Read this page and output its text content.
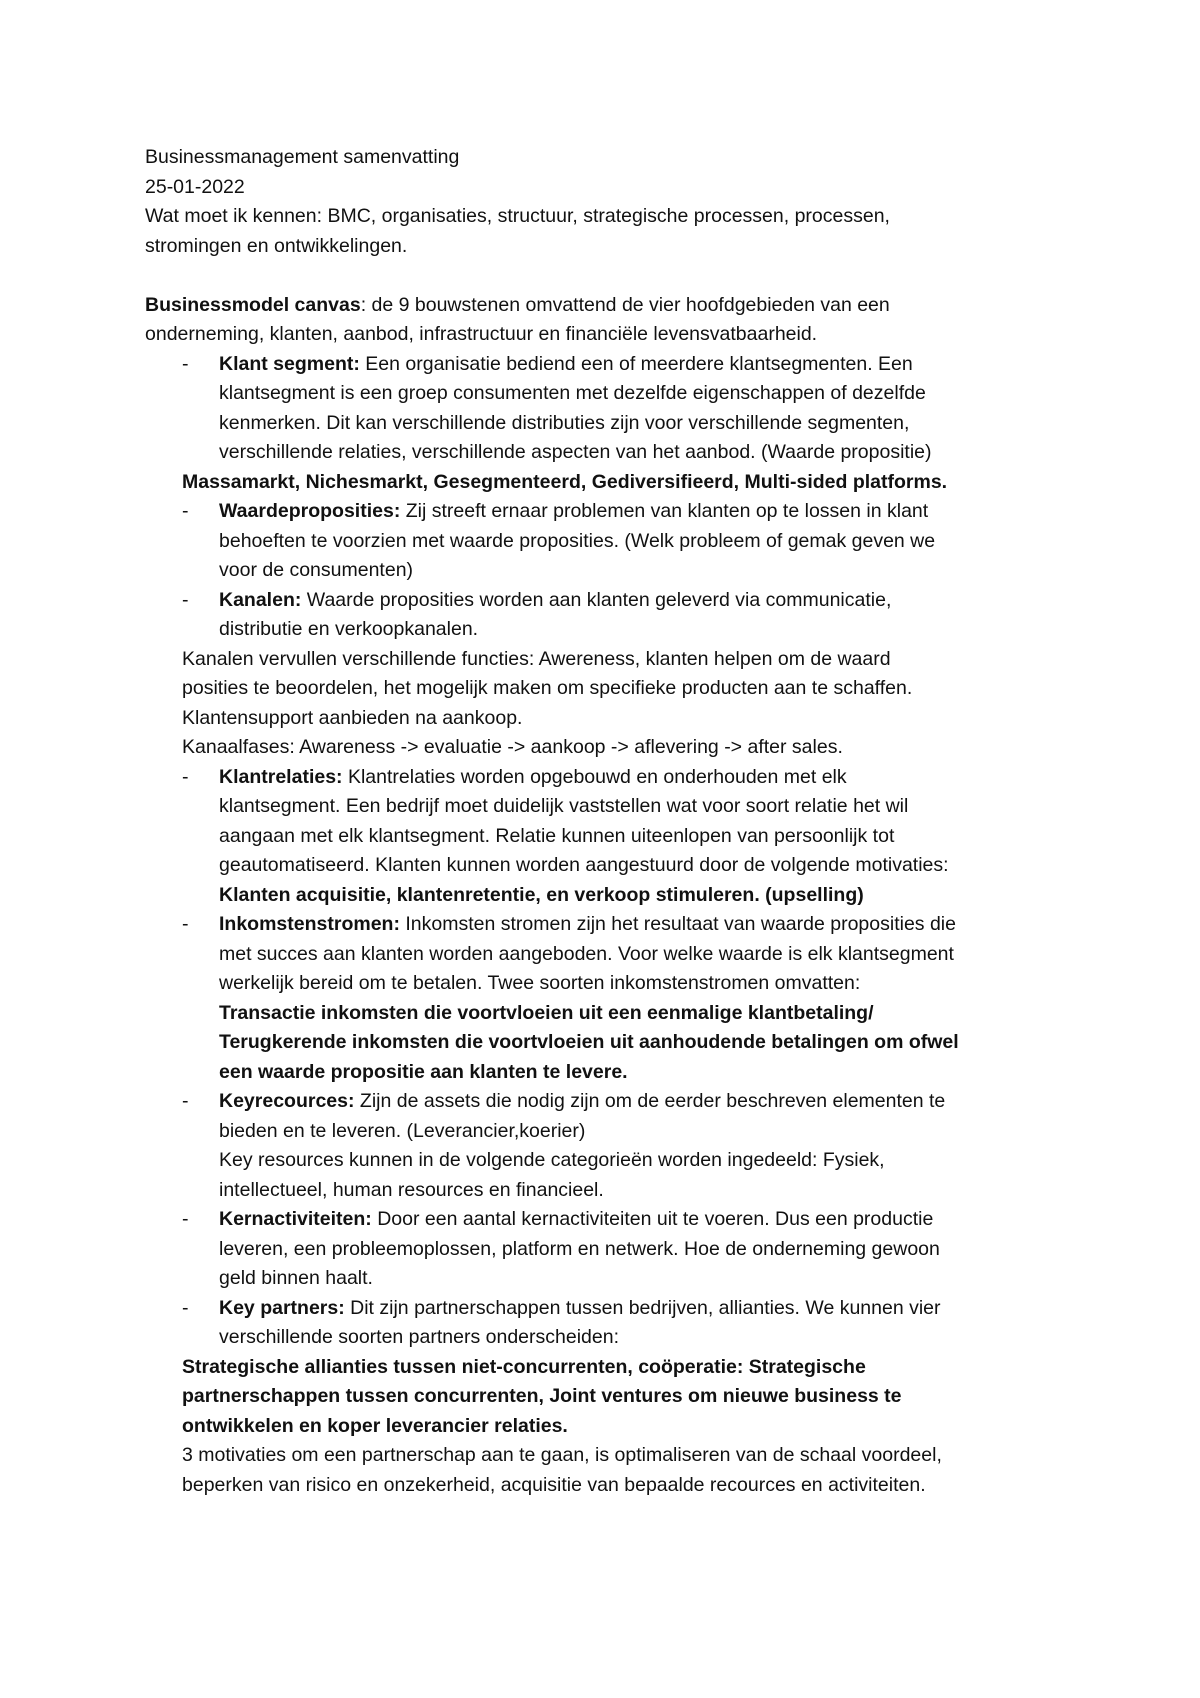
Businessmanagement samenvatting
25-01-2022
Wat moet ik kennen: BMC, organisaties, structuur, strategische processen, processen,
stromingen en ontwikkelingen.
Businessmodel canvas: de 9 bouwstenen omvattend de vier hoofdgebieden van een
onderneming, klanten, aanbod, infrastructuur en financiële levensvatbaarheid.
-	Klant segment: Een organisatie bediend een of meerdere klantsegmenten. Een
klantsegment is een groep consumenten met dezelfde eigenschappen of dezelfde
kenmerken. Dit kan verschillende distributies zijn voor verschillende segmenten,
verschillende relaties, verschillende aspecten van het aanbod. (Waarde propositie)
Massamarkt, Nichesmarkt, Gesegmenteerd, Gediversifieerd, Multi-sided platforms.
-	Waardeproposities: Zij streeft ernaar problemen van klanten op te lossen in klant
behoeften te voorzien met waarde proposities. (Welk probleem of gemak geven we
voor de consumenten)
-	Kanalen: Waarde proposities worden aan klanten geleverd via communicatie,
distributie en verkoopkanalen.
Kanalen vervullen verschillende functies: Awereness, klanten helpen om de waard
posities te beoordelen, het mogelijk maken om specifieke producten aan te schaffen.
Klantensupport aanbieden na aankoop.
Kanaalfases: Awareness -> evaluatie -> aankoop -> aflevering -> after sales.
-	Klantrelaties: Klantrelaties worden opgebouwd en onderhouden met elk
klantsegment. Een bedrijf moet duidelijk vaststellen wat voor soort relatie het wil
aangaan met elk klantsegment. Relatie kunnen uiteenlopen van persoonlijk tot
geautomatiseerd. Klanten kunnen worden aangestuurd door de volgende motivaties:
Klanten acquisitie, klantenretentie, en verkoop stimuleren. (upselling)
-	Inkomstenstromen: Inkomsten stromen zijn het resultaat van waarde proposities die
met succes aan klanten worden aangeboden. Voor welke waarde is elk klantsegment
werkelijk bereid om te betalen. Twee soorten inkomstenstromen omvatten:
Transactie inkomsten die voortvloeien uit een eenmalige klantbetaling/
Terugkerende inkomsten die voortvloeien uit aanhoudende betalingen om ofwel
een waarde propositie aan klanten te levere.
-	Keyrecources: Zijn de assets die nodig zijn om de eerder beschreven elementen te
bieden en te leveren. (Leverancier,koerier)
Key resources kunnen in de volgende categorieën worden ingedeeld: Fysiek,
intellectueel, human resources en financieel.
-	Kernactiviteiten: Door een aantal kernactiviteiten uit te voeren. Dus een productie
leveren, een probleemoplossen, platform en netwerk. Hoe de onderneming gewoon
geld binnen haalt.
-	Key partners: Dit zijn partnerschappen tussen bedrijven, allianties. We kunnen vier
verschillende soorten partners onderscheiden:
Strategische allianties tussen niet-concurrenten, coöperatie: Strategische
partnerschappen tussen concurrenten, Joint ventures om nieuwe business te
ontwikkelen en koper leverancier relaties.
3 motivaties om een partnerschap aan te gaan, is optimaliseren van de schaal voordeel,
beperken van risico en onzekerheid, acquisitie van bepaalde recources en activiteiten.
